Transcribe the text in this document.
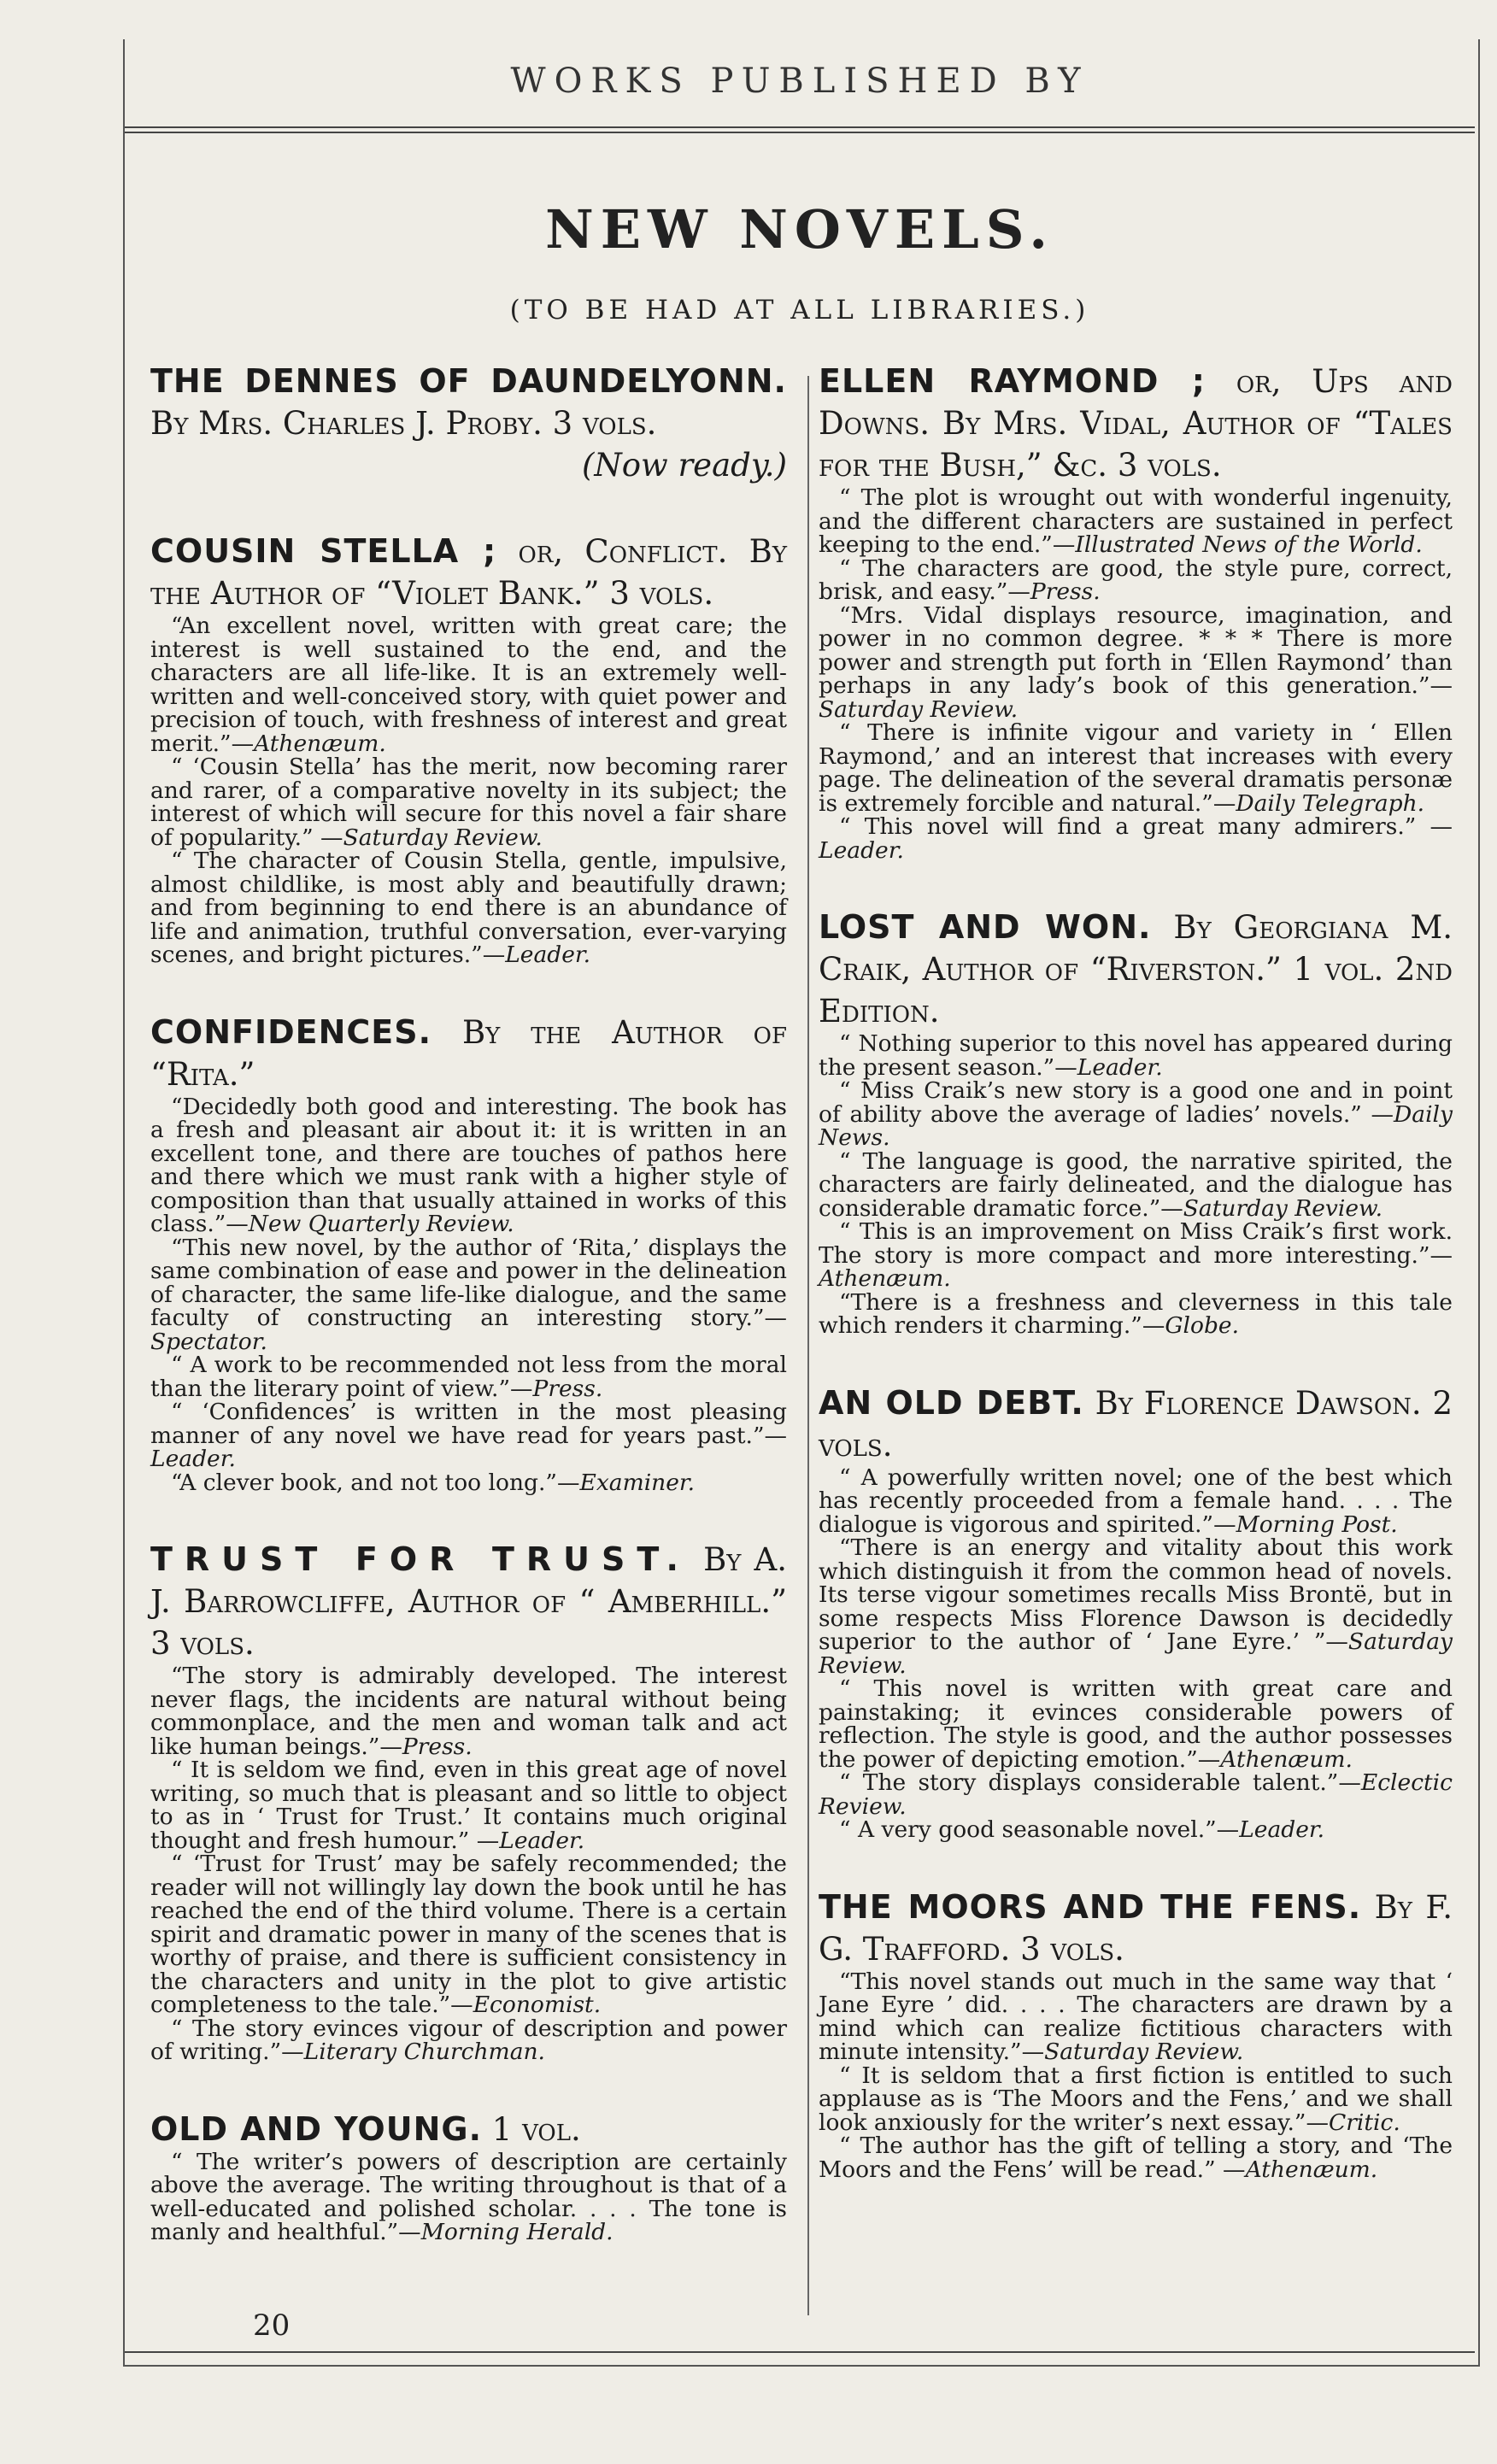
WORKS PUBLISHED BY
NEW NOVELS.
(TO BE HAD AT ALL LIBRARIES.)
THE DENNES OF DAUNDELYONN. By Mrs. Charles J. Proby. 3 vols.
(Now ready.)
COUSIN STELLA ; or, Conflict. By the Author of “Violet Bank.” 3 vols.

“An excellent novel, written with great care; the interest is well sustained to the end, and the characters are all life-like. It is an extremely well-written and well-conceived story, with quiet power and precision of touch, with freshness of interest and great merit.”—Athenæum.

“ ‘Cousin Stella’ has the merit, now becoming rarer and rarer, of a comparative novelty in its subject; the interest of which will secure for this novel a fair share of popularity.” —Saturday Review.

“ The character of Cousin Stella, gentle, impulsive, almost childlike, is most ably and beautifully drawn; and from beginning to end there is an abundance of life and animation, truthful conversation, ever-varying scenes, and bright pictures.”—Leader.

CONFIDENCES. By the Author of “Rita.”

“Decidedly both good and interesting. The book has a fresh and pleasant air about it: it is written in an excellent tone, and there are touches of pathos here and there which we must rank with a higher style of composition than that usually attained in works of this class.”—New Quarterly Review.

“This new novel, by the author of ‘Rita,’ displays the same combination of ease and power in the delineation of character, the same life-like dialogue, and the same faculty of constructing an interesting story.”—Spectator.

“ A work to be recommended not less from the moral than the literary point of view.”—Press.

“ ‘Confidences’ is written in the most pleasing manner of any novel we have read for years past.”—Leader.

“A clever book, and not too long.”—Examiner.

TRUST FOR TRUST. By A. J. Barrowcliffe, Author of “ Amberhill.” 3 vols.

“The story is admirably developed. The interest never flags, the incidents are natural without being commonplace, and the men and woman talk and act like human beings.”—Press.

“ It is seldom we find, even in this great age of novel writing, so much that is pleasant and so little to object to as in ‘ Trust for Trust.’ It contains much original thought and fresh humour.” —Leader.

“ ‘Trust for Trust’ may be safely recommended; the reader will not willingly lay down the book until he has reached the end of the third volume. There is a certain spirit and dramatic power in many of the scenes that is worthy of praise, and there is sufficient consistency in the characters and unity in the plot to give artistic completeness to the tale.”—Economist.

“ The story evinces vigour of description and power of writing.”—Literary Churchman.

OLD AND YOUNG. 1 vol.

“ The writer’s powers of description are certainly above the average. The writing throughout is that of a well-educated and polished scholar. . . . The tone is manly and healthful.”—Morning Herald.

ELLEN RAYMOND ; or, Ups and Downs. By Mrs. Vidal, Author of “Tales for the Bush,” &c. 3 vols.

“ The plot is wrought out with wonderful ingenuity, and the different characters are sustained in perfect keeping to the end.”—Illustrated News of the World.

“ The characters are good, the style pure, correct, brisk, and easy.”—Press.

“Mrs. Vidal displays resource, imagination, and power in no common degree. * * * There is more power and strength put forth in ‘Ellen Raymond’ than perhaps in any lady’s book of this generation.”—Saturday Review.

“ There is infinite vigour and variety in ‘ Ellen Raymond,’ and an interest that increases with every page. The delineation of the several dramatis personæ is extremely forcible and natural.”—Daily Telegraph.

“ This novel will find a great many admirers.” —Leader.

LOST AND WON. By Georgiana M. Craik, Author of “Riverston.” 1 vol. 2nd Edition.

“ Nothing superior to this novel has appeared during the present season.”—Leader.

“ Miss Craik’s new story is a good one and in point of ability above the average of ladies’ novels.” —Daily News.

“ The language is good, the narrative spirited, the characters are fairly delineated, and the dialogue has considerable dramatic force.”—Saturday Review.

“ This is an improvement on Miss Craik’s first work. The story is more compact and more interesting.”—Athenæum.

“There is a freshness and cleverness in this tale which renders it charming.”—Globe.

AN OLD DEBT. By Florence Dawson. 2 vols.

“ A powerfully written novel; one of the best which has recently proceeded from a female hand. . . . The dialogue is vigorous and spirited.”—Morning Post.

“There is an energy and vitality about this work which distinguish it from the common head of novels. Its terse vigour sometimes recalls Miss Brontë, but in some respects Miss Florence Dawson is decidedly superior to the author of ‘ Jane Eyre.’ ”—Saturday Review.

“ This novel is written with great care and painstaking; it evinces considerable powers of reflection. The style is good, and the author possesses the power of depicting emotion.”—Athenæum.

“ The story displays considerable talent.”—Eclectic Review.

“ A very good seasonable novel.”—Leader.

THE MOORS AND THE FENS. By F. G. Trafford. 3 vols.

“This novel stands out much in the same way that ‘ Jane Eyre ’ did. . . . The characters are drawn by a mind which can realize fictitious characters with minute intensity.”—Saturday Review.

“ It is seldom that a first fiction is entitled to such applause as is ‘The Moors and the Fens,’ and we shall look anxiously for the writer’s next essay.”—Critic.

“ The author has the gift of telling a story, and ‘The Moors and the Fens’ will be read.” —Athenæum.

20
